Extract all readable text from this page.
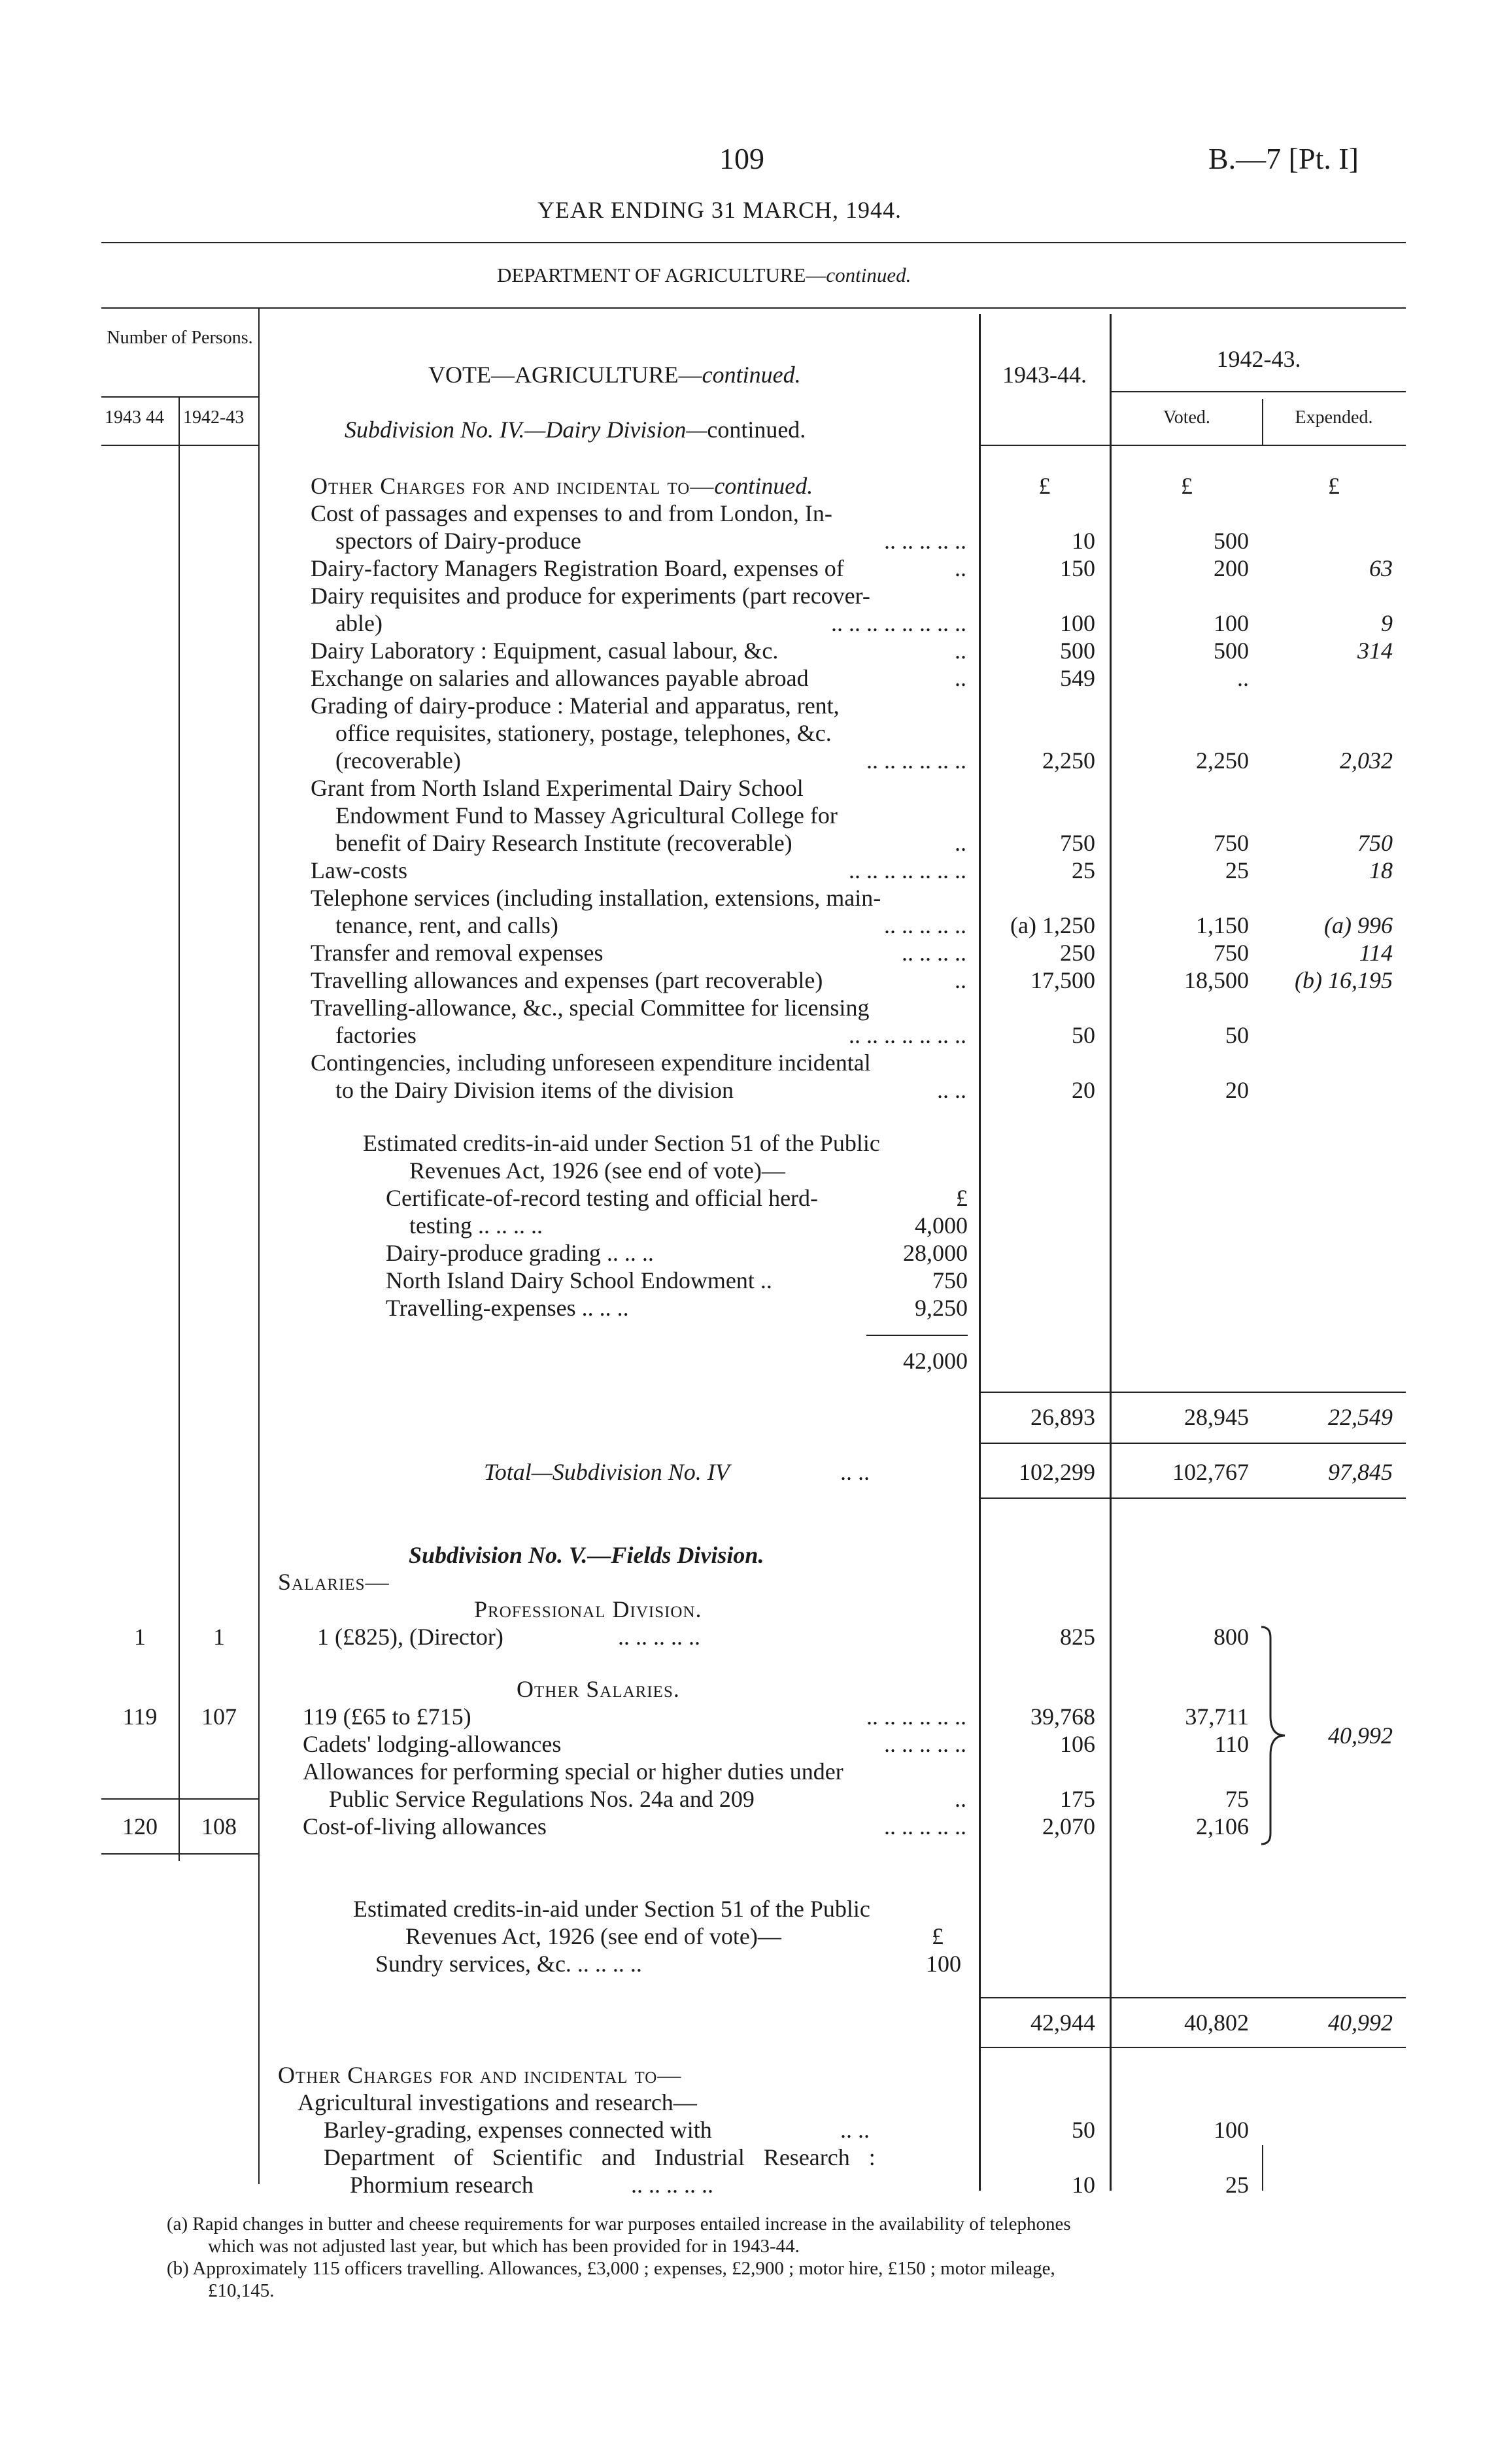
109	B.—7 [Pt. I]
YEAR ENDING 31 MARCH, 1944.
DEPARTMENT OF AGRICULTURE—continued.
Number of Persons.
1943 44 1942-43
VOTE—AGRICULTURE—continued.
Subdivision No. IV.—Dairy Division—continued.
1943-44.
1942-43.
Voted.	Expended.
Other Charges for and incidental to—continued.	£	£	£
Cost of passages and expenses to and from London, In-
spectors of Dairy-produce	.. .. .. .. ..	10	500
Dairy-factory Managers Registration Board, expenses of	..	150	200	63
Dairy requisites and produce for experiments (part recover-
able)	.. .. .. .. .. .. .. ..	100	100	9
Dairy Laboratory : Equipment, casual labour, &c.	..	500	500	314
Exchange on salaries and allowances payable abroad	..	549	..
Grading of dairy-produce : Material and apparatus, rent,
office requisites, stationery, postage, telephones, &c.
(recoverable)	.. .. .. .. .. ..	2,250	2,250	2,032
Grant from North Island Experimental Dairy School
Endowment Fund to Massey Agricultural College for
benefit of Dairy Research Institute (recoverable)	..	750	750	750
Law-costs	.. .. .. .. .. .. ..	25	25	18
Telephone services (including installation, extensions, main-
tenance, rent, and calls)	.. .. .. .. ..	(a) 1,250	1,150	(a) 996
Transfer and removal expenses	.. .. .. ..	250	750	114
Travelling allowances and expenses (part recoverable)	..	17,500	18,500	(b) 16,195
Travelling-allowance, &c., special Committee for licensing
factories	.. .. .. .. .. .. ..	50	50
Contingencies, including unforeseen expenditure incidental
to the Dairy Division items of the division	.. ..	20	20
Estimated credits-in-aid under Section 51 of the Public
Revenues Act, 1926 (see end of vote)—
Certificate-of-record testing and official herd-	£
testing .. .. .. ..	4,000
Dairy-produce grading .. .. ..	28,000
North Island Dairy School Endowment ..	750
Travelling-expenses .. .. ..	9,250
42,000
26,893	28,945	22,549
Total—Subdivision No. IV	.. ..	102,299	102,767	97,845
Subdivision No. V.—Fields Division.
Salaries—
Professional Division.
1	1	1 (£825), (Director)	.. .. .. .. ..	825	800
Other Salaries.
119	107	119 (£65 to £715)	.. .. .. .. .. ..	39,768	37,711
Cadets' lodging-allowances	.. .. .. .. ..	106	110
Allowances for performing special or higher duties under
Public Service Regulations Nos. 24a and 209	..	175	75
120	108	Cost-of-living allowances	.. .. .. .. ..	2,070	2,106
40,992
Estimated credits-in-aid under Section 51 of the Public
Revenues Act, 1926 (see end of vote)—	£
Sundry services, &c. .. .. .. ..	100
42,944	40,802	40,992
Other Charges for and incidental to—
Agricultural investigations and research—
Barley-grading, expenses connected with	.. ..	50	100
Department of Scientific and Industrial Research :
Phormium research	.. .. .. .. ..	10	25
(a) Rapid changes in butter and cheese requirements for war purposes entailed increase in the availability of telephones
which was not adjusted last year, but which has been provided for in 1943-44.
(b) Approximately 115 officers travelling. Allowances, £3,000 ; expenses, £2,900 ; motor hire, £150 ; motor mileage,
£10,145.
